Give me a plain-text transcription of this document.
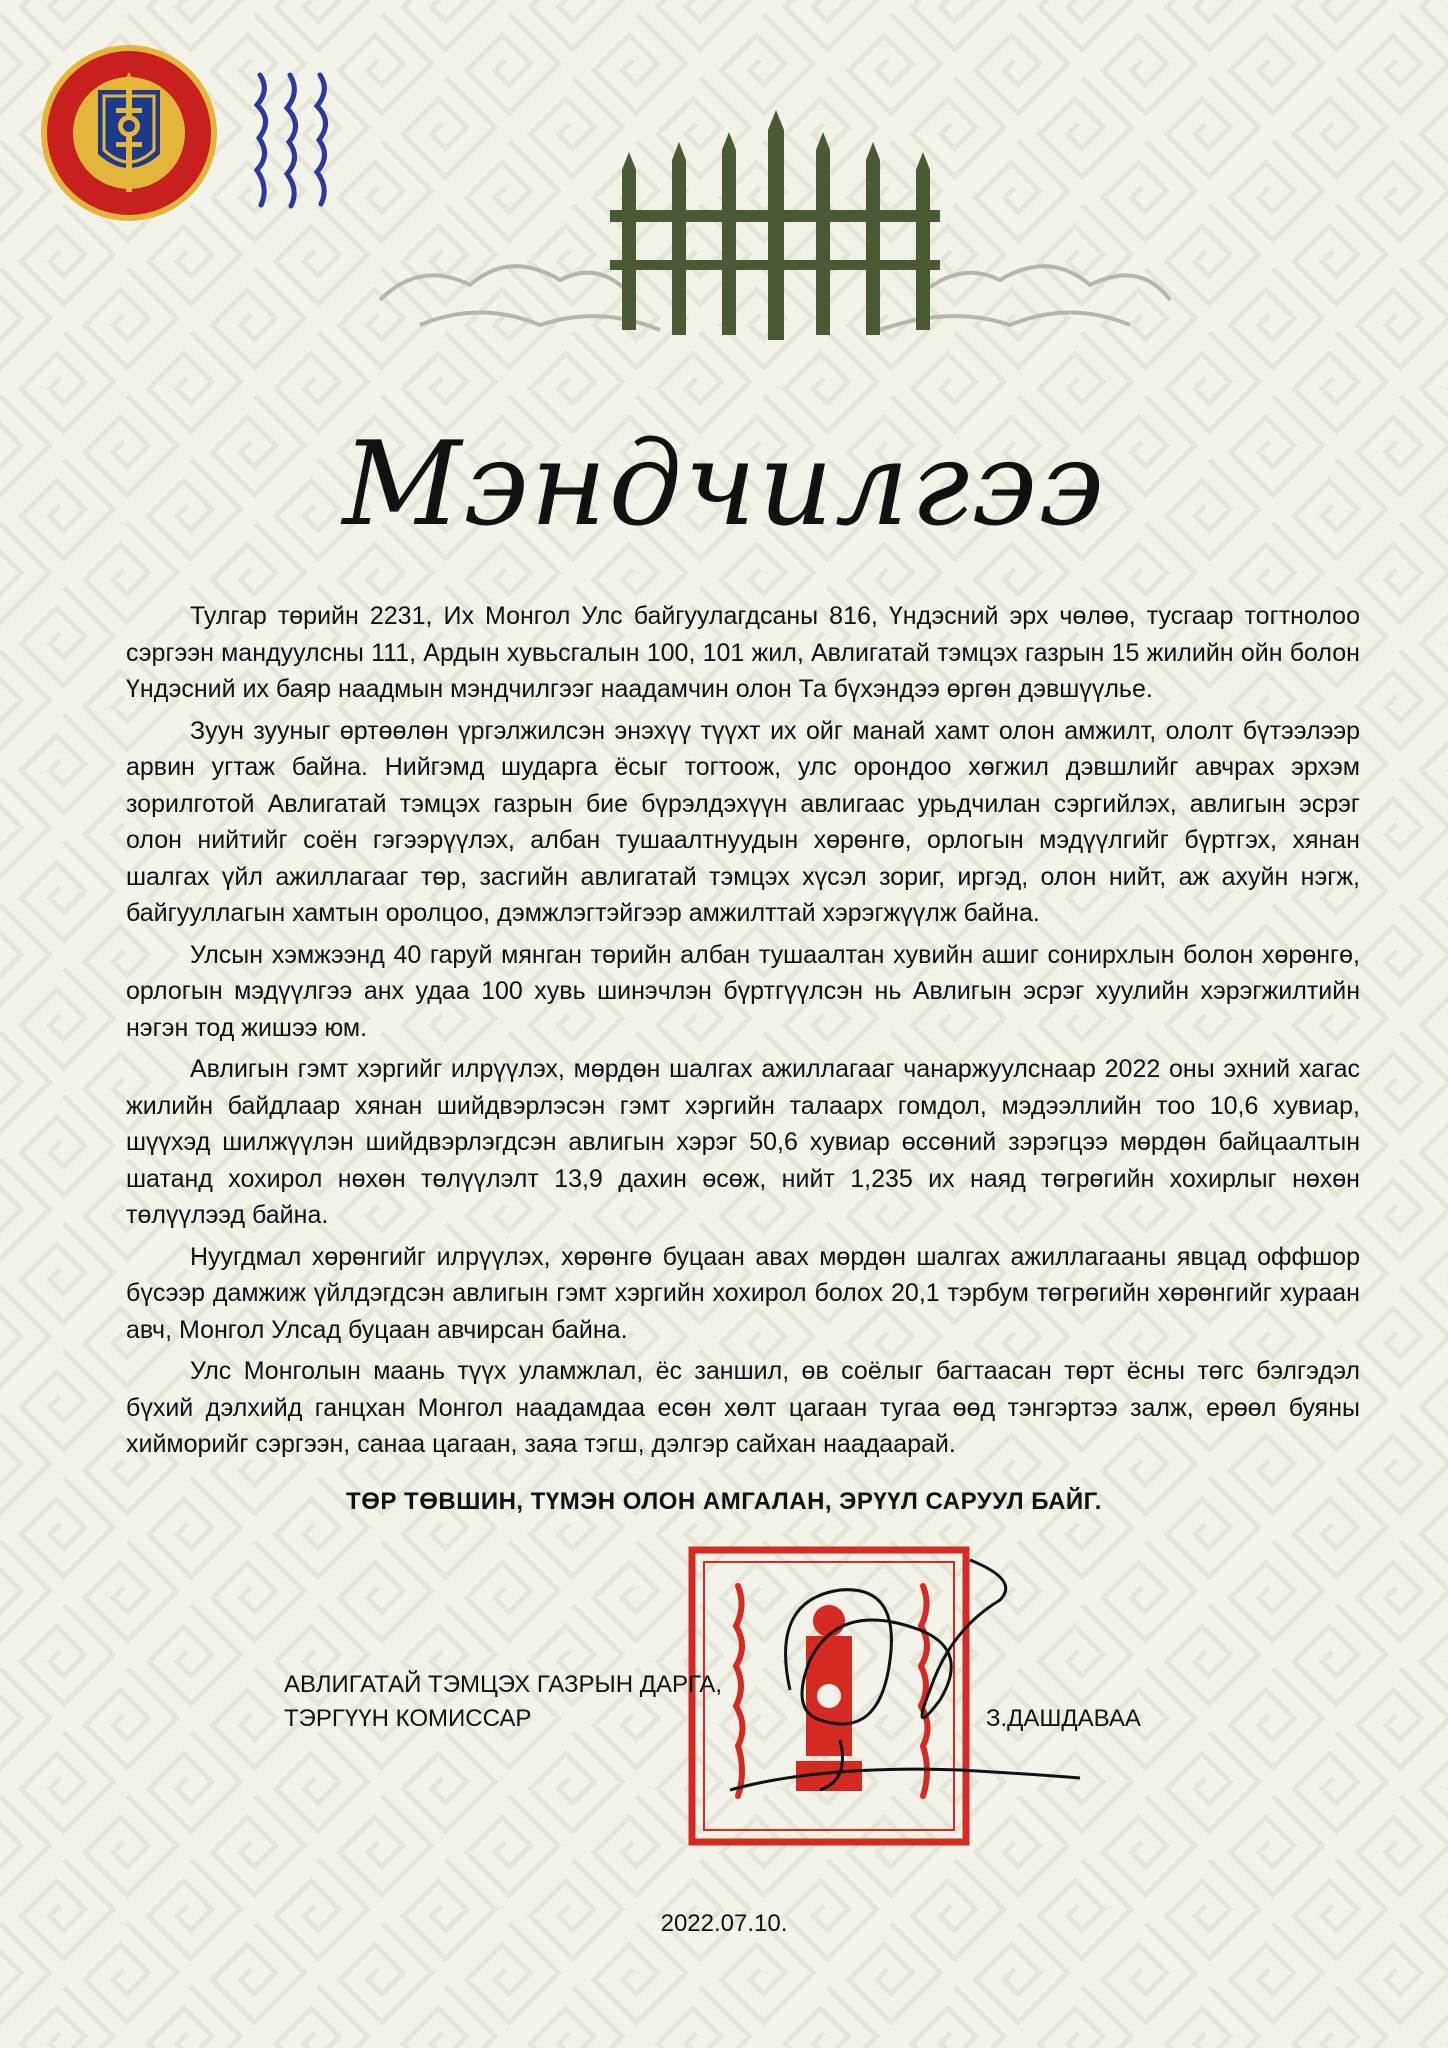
Мэндчилгээ

Тулгар төрийн 2231, Их Монгол Улс байгуулагдсаны 816, Үндэсний эрх чөлөө, тусгаар тогтнолоо сэргээн мандуулсны 111, Ардын хувьсгалын 100, 101 жил, Авлигатай тэмцэх газрын 15 жилийн ойн болон Үндэсний их баяр наадмын мэндчилгээг наадамчин олон Та бүхэндээ өргөн дэвшүүлье.

Зуун зууныг өртөөлөн үргэлжилсэн энэхүү түүхт их ойг манай хамт олон амжилт, ололт бүтээлээр арвин угтаж байна. Нийгэмд шударга ёсыг тогтоож, улс орондоо хөгжил дэвшлийг авчрах эрхэм зорилготой Авлигатай тэмцэх газрын бие бүрэлдэхүүн авлигаас урьдчилан сэргийлэх, авлигын эсрэг олон нийтийг соён гэгээрүүлэх, албан тушаалтнуудын хөрөнгө, орлогын мэдүүлгийг бүртгэх, хянан шалгах үйл ажиллагааг төр, засгийн авлигатай тэмцэх хүсэл зориг, иргэд, олон нийт, аж ахуйн нэгж, байгууллагын хамтын оролцоо, дэмжлэгтэйгээр амжилттай хэрэгжүүлж байна.

Улсын хэмжээнд 40 гаруй мянган төрийн албан тушаалтан хувийн ашиг сонирхлын болон хөрөнгө, орлогын мэдүүлгээ анх удаа 100 хувь шинэчлэн бүртгүүлсэн нь Авлигын эсрэг хуулийн хэрэгжилтийн нэгэн тод жишээ юм.

Авлигын гэмт хэргийг илрүүлэх, мөрдөн шалгах ажиллагааг чанаржуулснаар 2022 оны эхний хагас жилийн байдлаар хянан шийдвэрлэсэн гэмт хэргийн талаарх гомдол, мэдээллийн тоо 10,6 хувиар, шүүхэд шилжүүлэн шийдвэрлэгдсэн авлигын хэрэг 50,6 хувиар өссөний зэрэгцээ мөрдөн байцаалтын шатанд хохирол нөхөн төлүүлэлт 13,9 дахин өсөж, нийт 1,235 их наяд төгрөгийн хохирлыг нөхөн төлүүлээд байна.

Нуугдмал хөрөнгийг илрүүлэх, хөрөнгө буцаан авах мөрдөн шалгах ажиллагааны явцад оффшор бүсээр дамжиж үйлдэгдсэн авлигын гэмт хэргийн хохирол болох 20,1 тэрбум төгрөгийн хөрөнгийг хураан авч, Монгол Улсад буцаан авчирсан байна.

Улс Монголын маань түүх уламжлал, ёс заншил, өв соёлыг багтаасан төрт ёсны төгс бэлгэдэл бүхий дэлхийд ганцхан Монгол наадамдаа есөн хөлт цагаан тугаа өөд тэнгэртээ залж, ерөөл буяны хийморийг сэргээн, санаа цагаан, заяа тэгш, дэлгэр сайхан наадаарай.

ТӨР ТӨВШИН, ТҮМЭН ОЛОН АМГАЛАН, ЭРҮҮЛ САРУУЛ БАЙГ.
АВЛИГАТАЙ ТЭМЦЭХ ГАЗРЫН ДАРГА,
ТЭРГҮҮН КОМИССАР	З.ДАШДАВАА
2022.07.10.
